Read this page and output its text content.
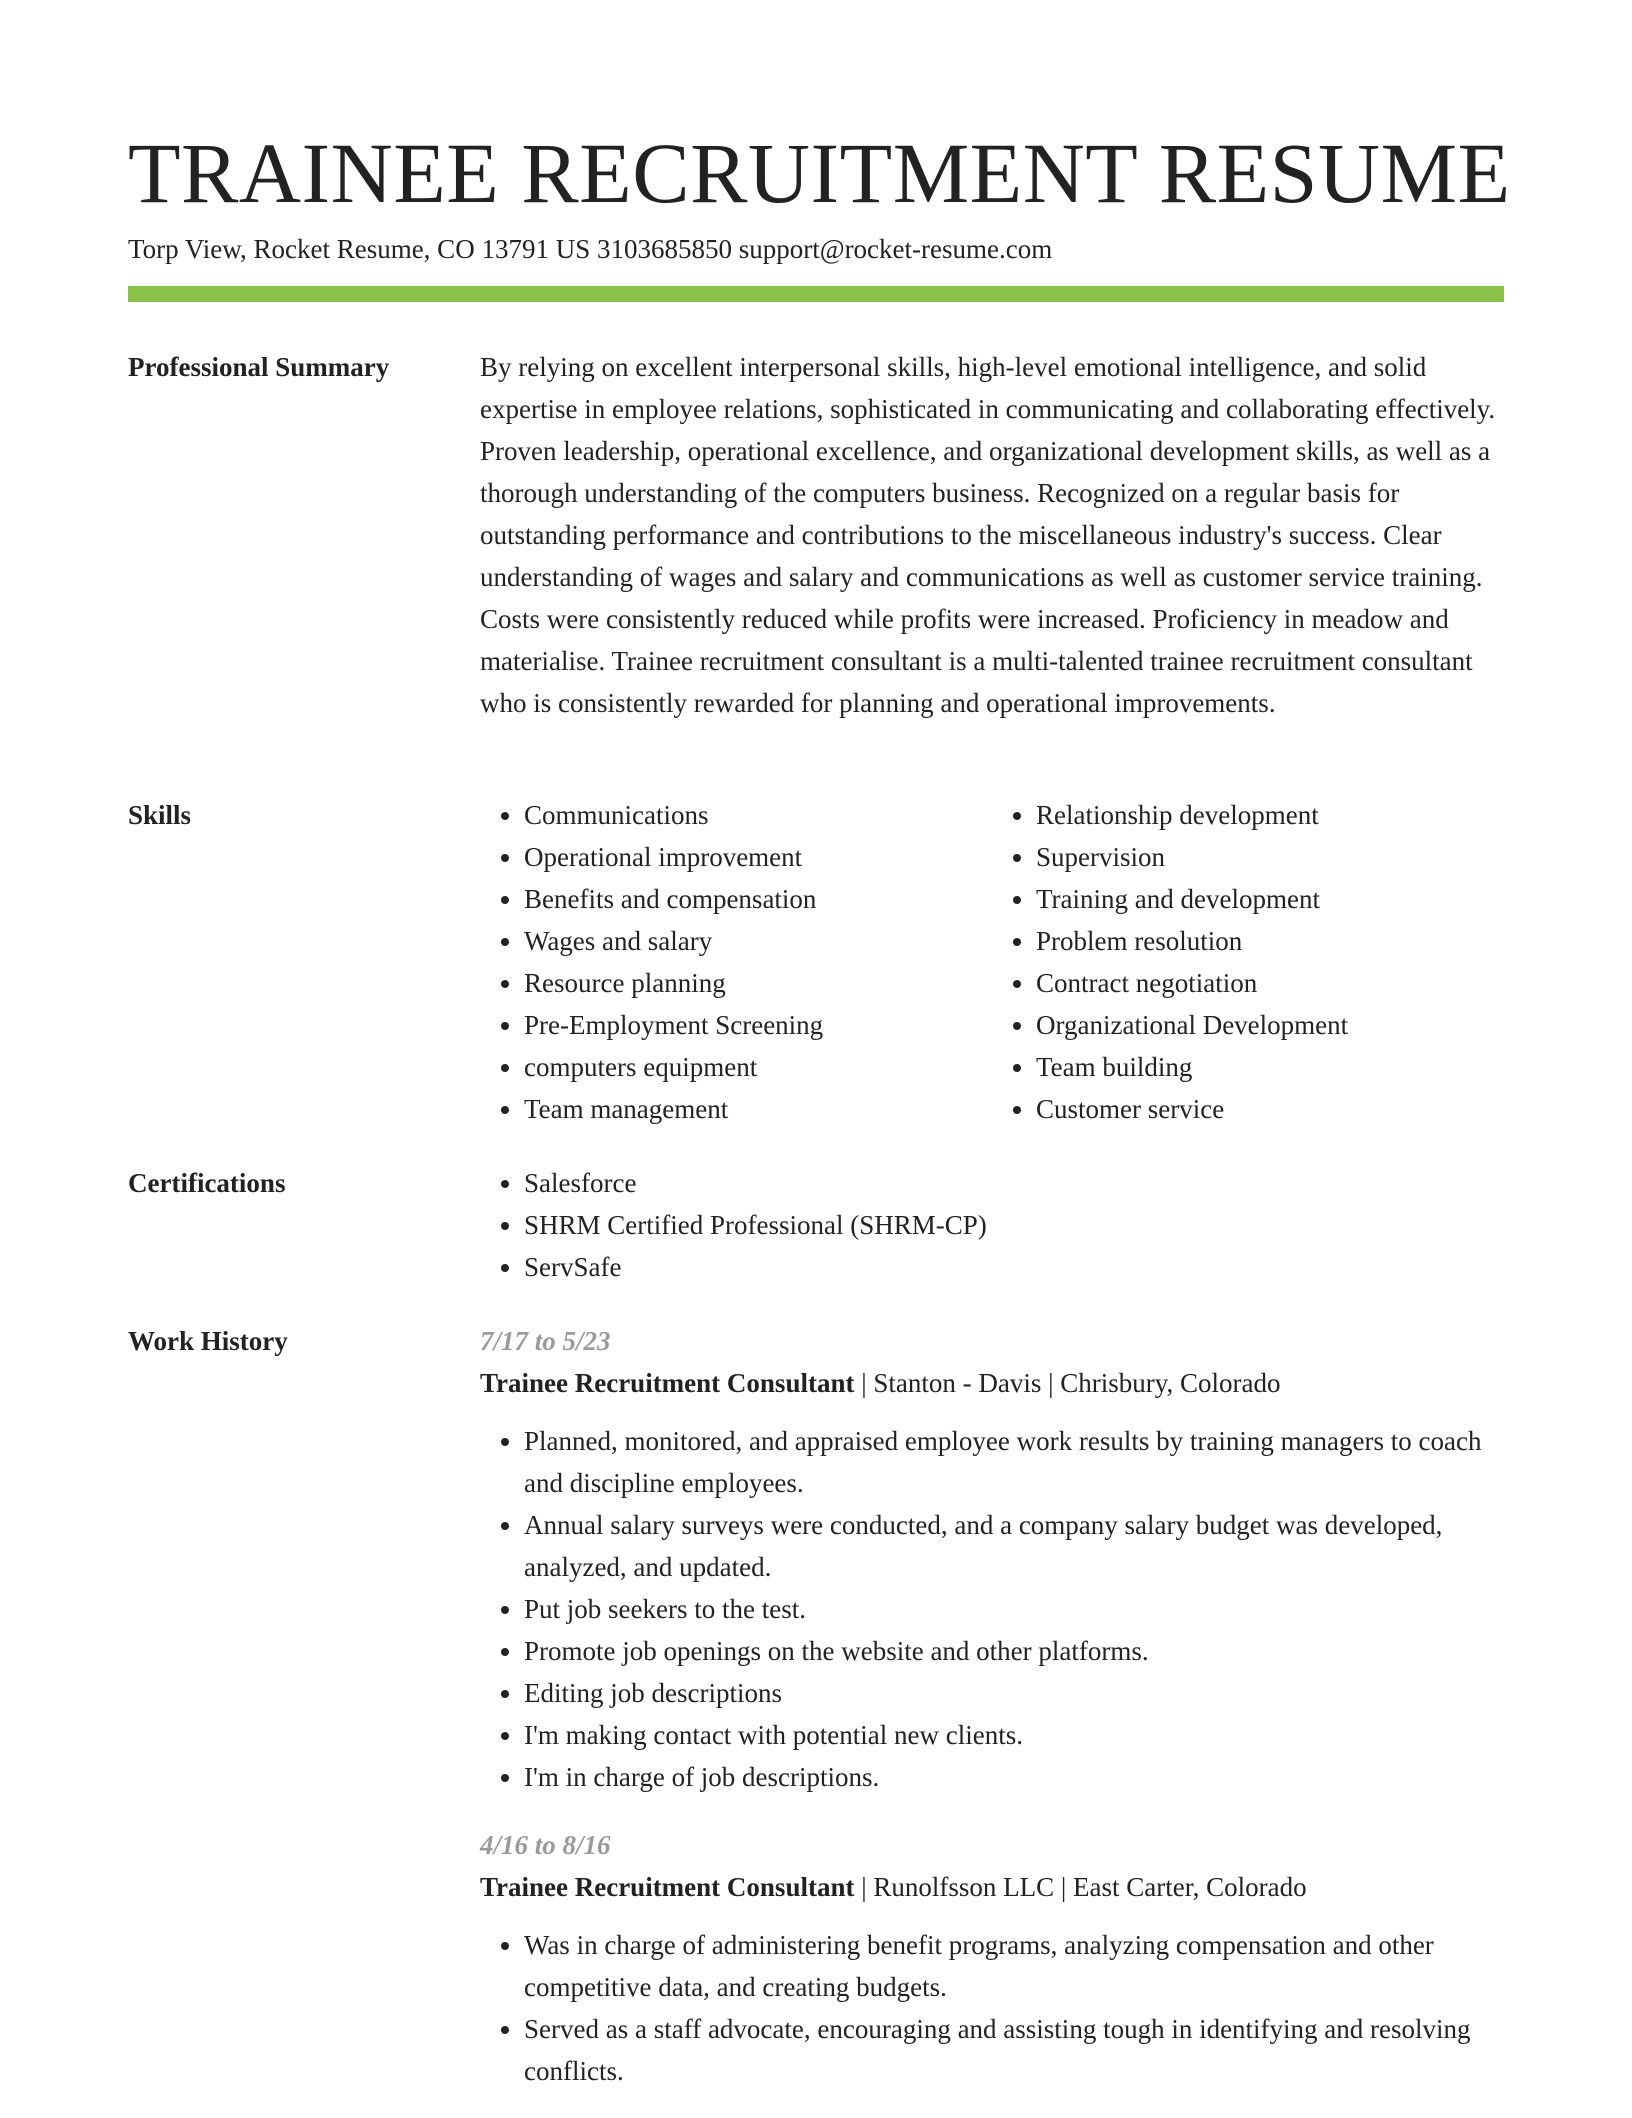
TRAINEE RECRUITMENT RESUME
Torp View, Rocket Resume, CO 13791 US 3103685850 support@rocket-resume.com
Professional Summary	By relying on excellent interpersonal skills, high-level emotional intelligence, and solid expertise in employee relations, sophisticated in communicating and collaborating effectively. Proven leadership, operational excellence, and organizational development skills, as well as a thorough understanding of the computers business. Recognized on a regular basis for outstanding performance and contributions to the miscellaneous industry's success. Clear understanding of wages and salary and communications as well as customer service training. Costs were consistently reduced while profits were increased. Proficiency in meadow and materialise. Trainee recruitment consultant is a multi-talented trainee recruitment consultant who is consistently rewarded for planning and operational improvements.

Skills	• Communications
• Operational improvement
• Benefits and compensation
• Wages and salary
• Resource planning
• Pre-Employment Screening
• computers equipment
• Team management
• Relationship development
• Supervision
• Training and development
• Problem resolution
• Contract negotiation
• Organizational Development
• Team building
• Customer service
Certifications	• Salesforce
• SHRM Certified Professional (SHRM-CP)
• ServSafe
Work History	7/17 to 5/23
Trainee Recruitment Consultant | Stanton - Davis | Chrisbury, Colorado
• Planned, monitored, and appraised employee work results by training managers to coach and discipline employees.
• Annual salary surveys were conducted, and a company salary budget was developed, analyzed, and updated.
• Put job seekers to the test.
• Promote job openings on the website and other platforms.
• Editing job descriptions
• I'm making contact with potential new clients.
• I'm in charge of job descriptions.
4/16 to 8/16
Trainee Recruitment Consultant | Runolfsson LLC | East Carter, Colorado
• Was in charge of administering benefit programs, analyzing compensation and other competitive data, and creating budgets.
• Served as a staff advocate, encouraging and assisting tough in identifying and resolving conflicts.
